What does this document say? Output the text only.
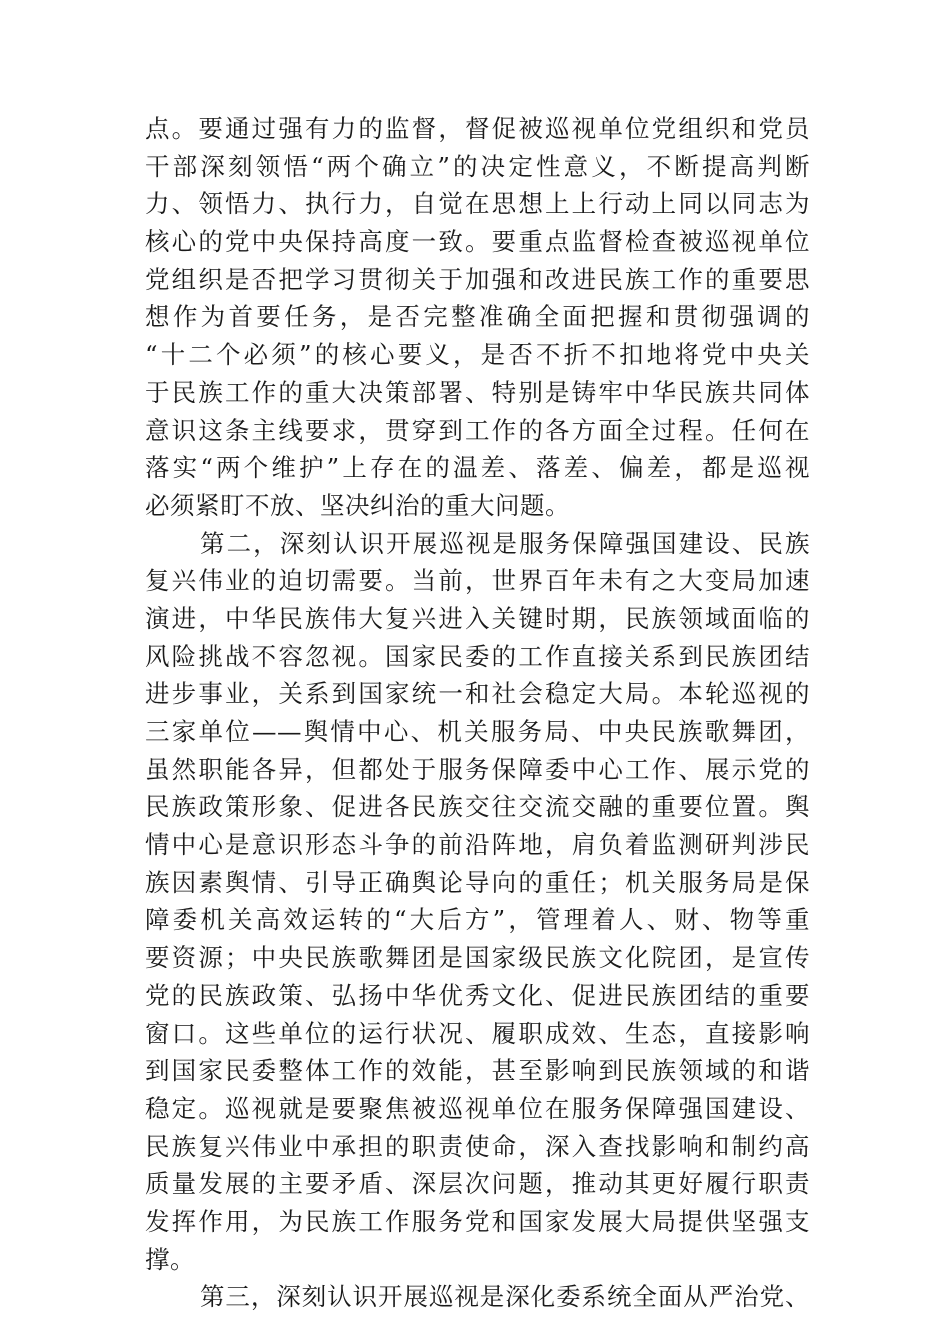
点。要通过强有力的监督，督促被巡视单位党组织和党员
干部深刻领悟“两个确立”的决定性意义，不断提高判断
力、领悟力、执行力，自觉在思想上上行动上同以同志为
核心的党中央保持高度一致。要重点监督检查被巡视单位
党组织是否把学习贯彻关于加强和改进民族工作的重要思
想作为首要任务，是否完整准确全面把握和贯彻强调的
“十二个必须”的核心要义，是否不折不扣地将党中央关
于民族工作的重大决策部署、特别是铸牢中华民族共同体
意识这条主线要求，贯穿到工作的各方面全过程。任何在
落实“两个维护”上存在的温差、落差、偏差，都是巡视
必须紧盯不放、坚决纠治的重大问题。
第二，深刻认识开展巡视是服务保障强国建设、民族
复兴伟业的迫切需要。当前，世界百年未有之大变局加速
演进，中华民族伟大复兴进入关键时期，民族领域面临的
风险挑战不容忽视。国家民委的工作直接关系到民族团结
进步事业，关系到国家统一和社会稳定大局。本轮巡视的
三家单位——舆情中心、机关服务局、中央民族歌舞团，
虽然职能各异，但都处于服务保障委中心工作、展示党的
民族政策形象、促进各民族交往交流交融的重要位置。舆
情中心是意识形态斗争的前沿阵地，肩负着监测研判涉民
族因素舆情、引导正确舆论导向的重任；机关服务局是保
障委机关高效运转的“大后方”，管理着人、财、物等重
要资源；中央民族歌舞团是国家级民族文化院团，是宣传
党的民族政策、弘扬中华优秀文化、促进民族团结的重要
窗口。这些单位的运行状况、履职成效、生态，直接影响
到国家民委整体工作的效能，甚至影响到民族领域的和谐
稳定。巡视就是要聚焦被巡视单位在服务保障强国建设、
民族复兴伟业中承担的职责使命，深入查找影响和制约高
质量发展的主要矛盾、深层次问题，推动其更好履行职责
发挥作用，为民族工作服务党和国家发展大局提供坚强支
撑。
第三，深刻认识开展巡视是深化委系统全面从严治党、
